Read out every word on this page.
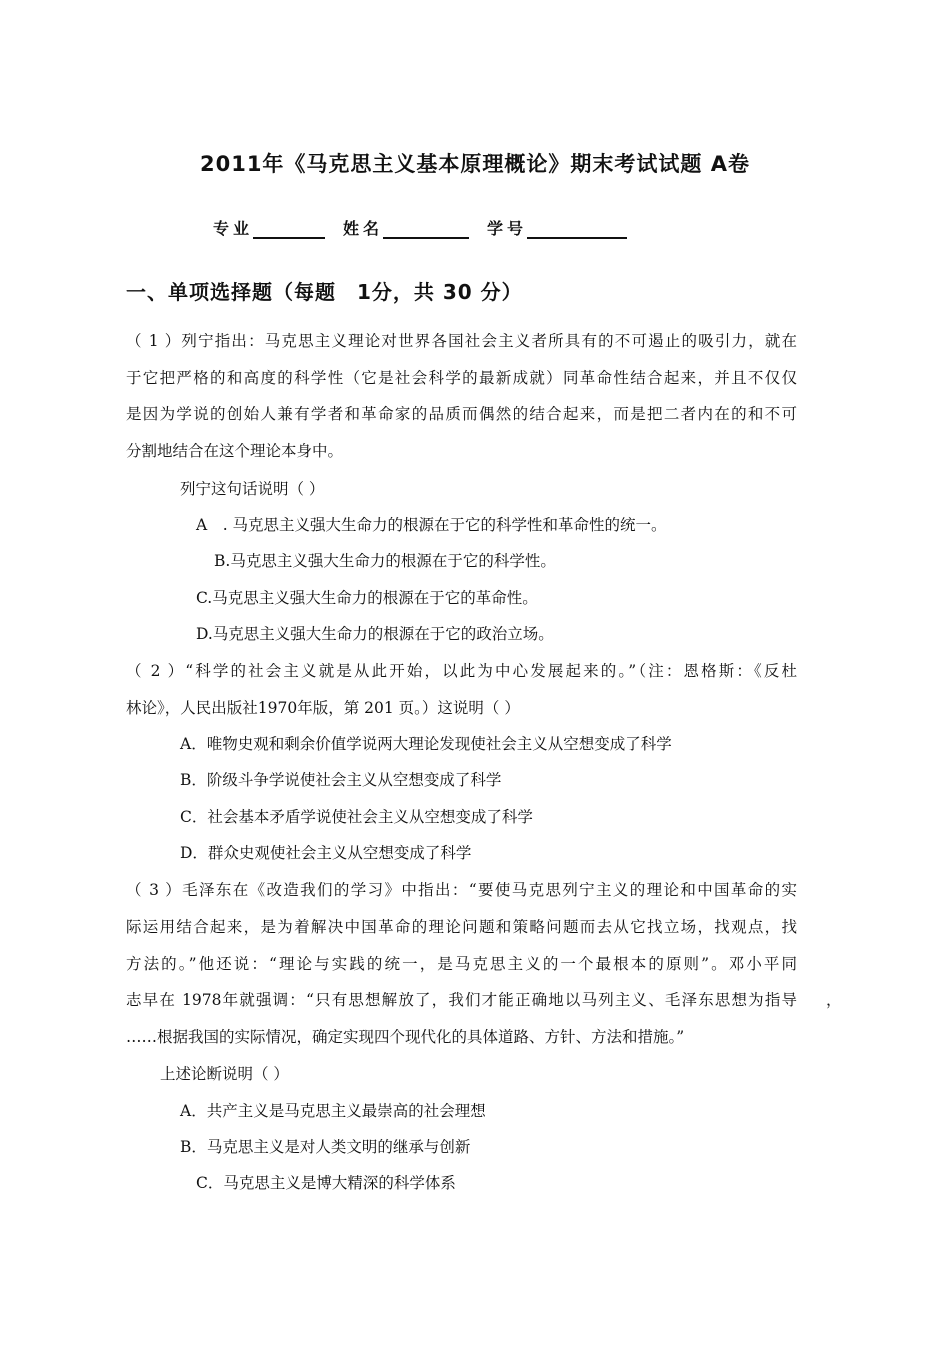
2011年《马克思主义基本原理概论》期末考试试题 A卷
专业	姓名	学号
一、单项选择题（每题　1分，共 30 分）
（ 1 ）列宁指出：马克思主义理论对世界各国社会主义者所具有的不可遏止的吸引力，就在
于它把严格的和高度的科学性（它是社会科学的最新成就）同革命性结合起来，并且不仅仅
是因为学说的创始人兼有学者和革命家的品质而偶然的结合起来，而是把二者内在的和不可
分割地结合在这个理论本身中。
列宁这句话说明（ ）
A　. 马克思主义强大生命力的根源在于它的科学性和革命性的统一。
B.马克思主义强大生命力的根源在于它的科学性。
C.马克思主义强大生命力的根源在于它的革命性。
D.马克思主义强大生命力的根源在于它的政治立场。
（ 2 ）“科学的社会主义就是从此开始，以此为中心发展起来的。”（注：恩格斯：《反杜
林论》，人民出版社1970年版，第 201 页。）这说明（ ）
A．唯物史观和剩余价值学说两大理论发现使社会主义从空想变成了科学
B．阶级斗争学说使社会主义从空想变成了科学
C．社会基本矛盾学说使社会主义从空想变成了科学
D．群众史观使社会主义从空想变成了科学
（ 3 ）毛泽东在《改造我们的学习》中指出：“要使马克思列宁主义的理论和中国革命的实
际运用结合起来，是为着解决中国革命的理论问题和策略问题而去从它找立场，找观点，找
方法的。”他还说：“理论与实践的统一，是马克思主义的一个最根本的原则”。邓小平同
志早在 1978年就强调：“只有思想解放了，我们才能正确地以马列主义、毛泽东思想为指导 ，
……根据我国的实际情况，确定实现四个现代化的具体道路、方针、方法和措施。”
上述论断说明（ ）
A．共产主义是马克思主义最崇高的社会理想
B．马克思主义是对人类文明的继承与创新
C．马克思主义是博大精深的科学体系
